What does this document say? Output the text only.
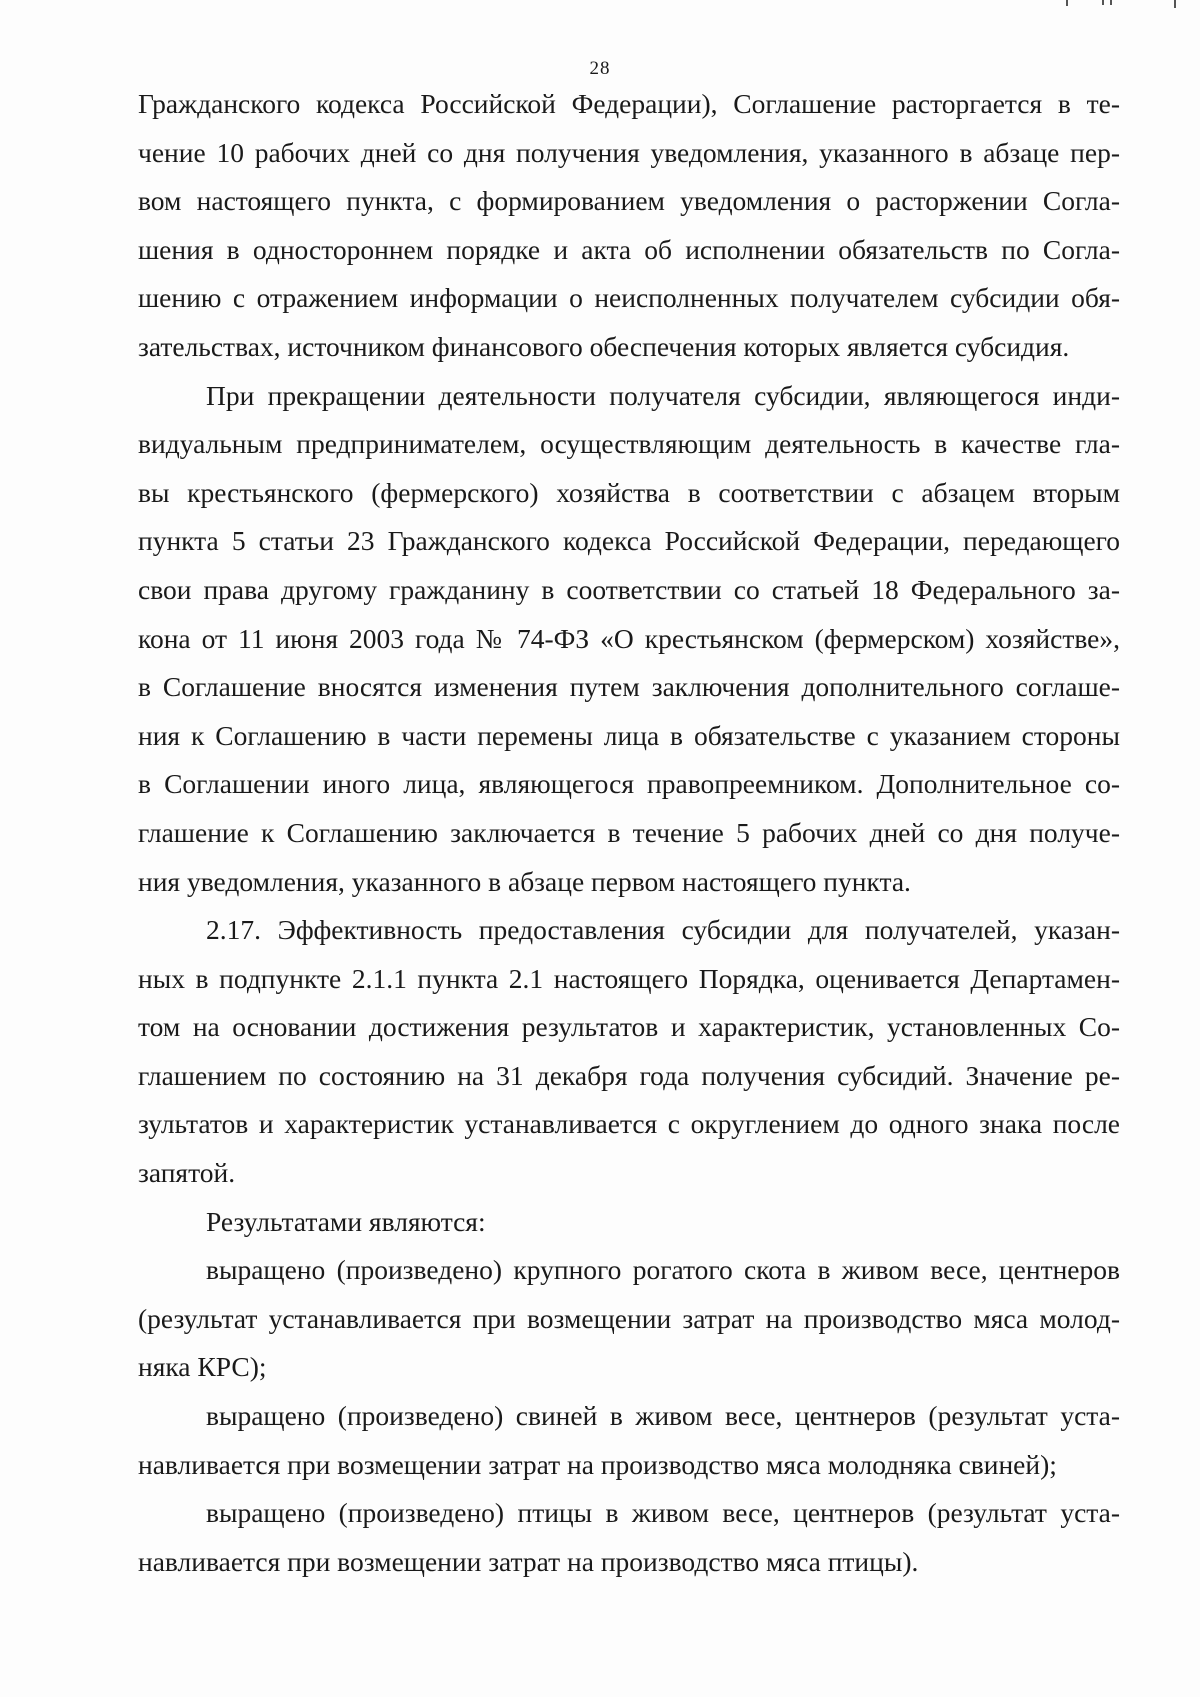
28
Гражданского кодекса Российской Федерации), Соглашение расторгается в те-
чение 10 рабочих дней со дня получения уведомления, указанного в абзаце пер-
вом настоящего пункта, с формированием уведомления о расторжении Согла-
шения в одностороннем порядке и акта об исполнении обязательств по Согла-
шению с отражением информации о неисполненных получателем субсидии обя-
зательствах, источником финансового обеспечения которых является субсидия.
При прекращении деятельности получателя субсидии, являющегося инди-
видуальным предпринимателем, осуществляющим деятельность в качестве гла-
вы крестьянского (фермерского) хозяйства в соответствии с абзацем вторым
пункта 5 статьи 23 Гражданского кодекса Российской Федерации, передающего
свои права другому гражданину в соответствии со статьей 18 Федерального за-
кона от 11 июня 2003 года № 74-ФЗ «О крестьянском (фермерском) хозяйстве»,
в Соглашение вносятся изменения путем заключения дополнительного соглаше-
ния к Соглашению в части перемены лица в обязательстве с указанием стороны
в Соглашении иного лица, являющегося правопреемником. Дополнительное со-
глашение к Соглашению заключается в течение 5 рабочих дней со дня получе-
ния уведомления, указанного в абзаце первом настоящего пункта.
2.17. Эффективность предоставления субсидии для получателей, указан-
ных в подпункте 2.1.1 пункта 2.1 настоящего Порядка, оценивается Департамен-
том на основании достижения результатов и характеристик, установленных Со-
глашением по состоянию на 31 декабря года получения субсидий. Значение ре-
зультатов и характеристик устанавливается с округлением до одного знака после
запятой.
Результатами являются:
выращено (произведено) крупного рогатого скота в живом весе, центнеров
(результат устанавливается при возмещении затрат на производство мяса молод-
няка КРС);
выращено (произведено) свиней в живом весе, центнеров (результат уста-
навливается при возмещении затрат на производство мяса молодняка свиней);
выращено (произведено) птицы в живом весе, центнеров (результат уста-
навливается при возмещении затрат на производство мяса птицы).
